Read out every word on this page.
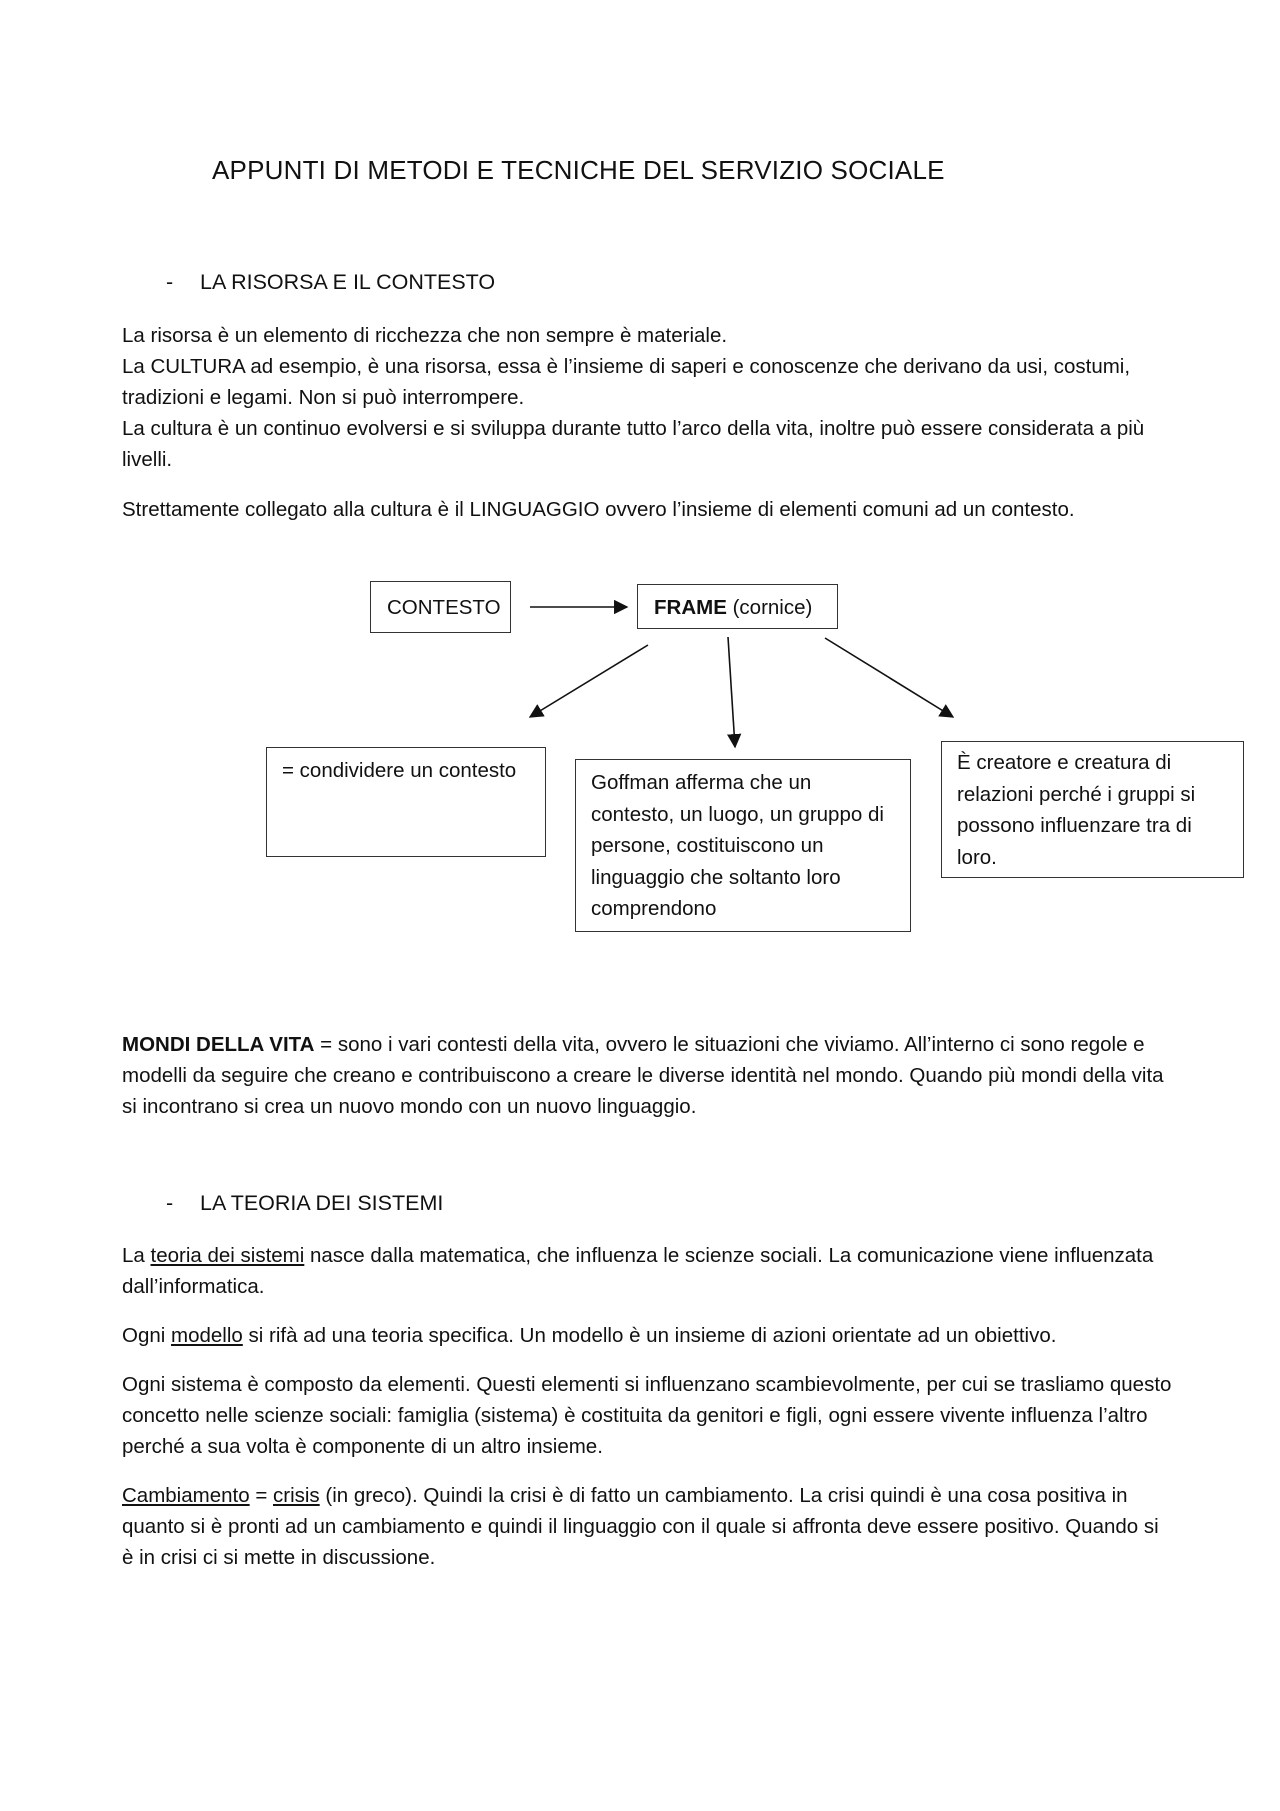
APPUNTI DI METODI E TECNICHE DEL SERVIZIO SOCIALE
- LA RISORSA E IL CONTESTO

La risorsa è un elemento di ricchezza che non sempre è materiale.

La CULTURA ad esempio, è una risorsa, essa è l’insieme di saperi e conoscenze che derivano da usi, costumi, tradizioni e legami. Non si può interrompere.

La cultura è un continuo evolversi e si sviluppa durante tutto l’arco della vita, inoltre può essere considerata a più livelli.

Strettamente collegato alla cultura è il LINGUAGGIO ovvero l’insieme di elementi comuni ad un contesto.

CONTESTO	FRAME (cornice)
= condividere un contesto
Goffman afferma che un contesto, un luogo, un gruppo di persone, costituiscono un linguaggio che soltanto loro comprendono
È creatore e creatura di relazioni perché i gruppi si possono influenzare tra di loro.

MONDI DELLA VITA = sono i vari contesti della vita, ovvero le situazioni che viviamo. All’interno ci sono regole e modelli da seguire che creano e contribuiscono a creare le diverse identità nel mondo. Quando più mondi della vita si incontrano si crea un nuovo mondo con un nuovo linguaggio.

- LA TEORIA DEI SISTEMI

La teoria dei sistemi nasce dalla matematica, che influenza le scienze sociali. La comunicazione viene influenzata dall’informatica.

Ogni modello si rifà ad una teoria specifica. Un modello è un insieme di azioni orientate ad un obiettivo.

Ogni sistema è composto da elementi. Questi elementi si influenzano scambievolmente, per cui se trasliamo questo concetto nelle scienze sociali: famiglia (sistema) è costituita da genitori e figli, ogni essere vivente influenza l’altro perché a sua volta è componente di un altro insieme.

Cambiamento = crisis (in greco). Quindi la crisi è di fatto un cambiamento. La crisi quindi è una cosa positiva in quanto si è pronti ad un cambiamento e quindi il linguaggio con il quale si affronta deve essere positivo. Quando si è in crisi ci si mette in discussione.
